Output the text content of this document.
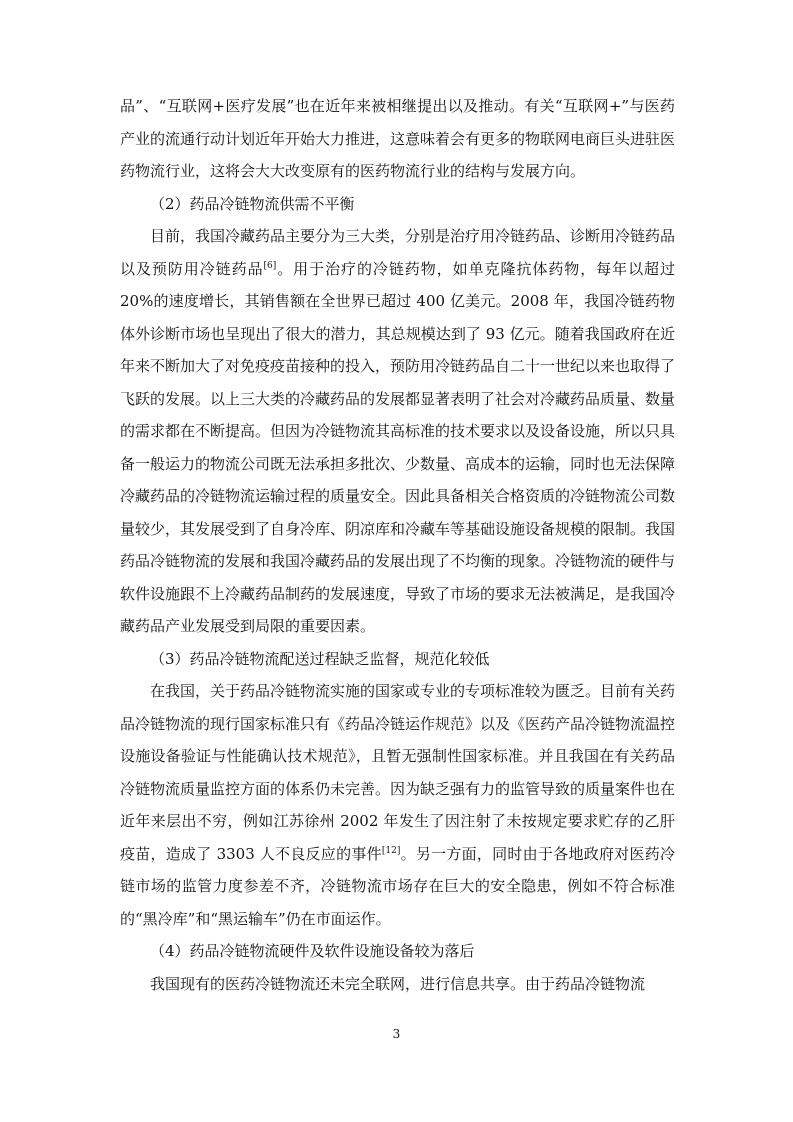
品”、“互联网+医疗发展”也在近年来被相继提出以及推动。有关“互联网+”与医药产业的流通行动计划近年开始大力推进，这意味着会有更多的物联网电商巨头进驻医药物流行业，这将会大大改变原有的医药物流行业的结构与发展方向。

（2）药品冷链物流供需不平衡

目前，我国冷藏药品主要分为三大类，分别是治疗用冷链药品、诊断用冷链药品以及预防用冷链药品[6]。用于治疗的冷链药物，如单克隆抗体药物，每年以超过 20%的速度增长，其销售额在全世界已超过 400 亿美元。2008 年，我国冷链药物体外诊断市场也呈现出了很大的潜力，其总规模达到了 93 亿元。随着我国政府在近年来不断加大了对免疫疫苗接种的投入，预防用冷链药品自二十一世纪以来也取得了飞跃的发展。以上三大类的冷藏药品的发展都显著表明了社会对冷藏药品质量、数量的需求都在不断提高。但因为冷链物流其高标准的技术要求以及设备设施，所以只具备一般运力的物流公司既无法承担多批次、少数量、高成本的运输，同时也无法保障冷藏药品的冷链物流运输过程的质量安全。因此具备相关合格资质的冷链物流公司数量较少，其发展受到了自身冷库、阴凉库和冷藏车等基础设施设备规模的限制。我国药品冷链物流的发展和我国冷藏药品的发展出现了不均衡的现象。冷链物流的硬件与软件设施跟不上冷藏药品制药的发展速度，导致了市场的要求无法被满足，是我国冷藏药品产业发展受到局限的重要因素。

（3）药品冷链物流配送过程缺乏监督，规范化较低

在我国，关于药品冷链物流实施的国家或专业的专项标准较为匮乏。目前有关药品冷链物流的现行国家标准只有《药品冷链运作规范》以及《医药产品冷链物流温控设施设备验证与性能确认技术规范》，且暂无强制性国家标准。并且我国在有关药品冷链物流质量监控方面的体系仍未完善。因为缺乏强有力的监管导致的质量案件也在近年来层出不穷，例如江苏徐州 2002 年发生了因注射了未按规定要求贮存的乙肝疫苗，造成了 3303 人不良反应的事件[12]。另一方面，同时由于各地政府对医药冷链市场的监管力度参差不齐，冷链物流市场存在巨大的安全隐患，例如不符合标准的“黑冷库”和“黑运输车”仍在市面运作。

（4）药品冷链物流硬件及软件设施设备较为落后

我国现有的医药冷链物流还未完全联网，进行信息共享。由于药品冷链物流

3
